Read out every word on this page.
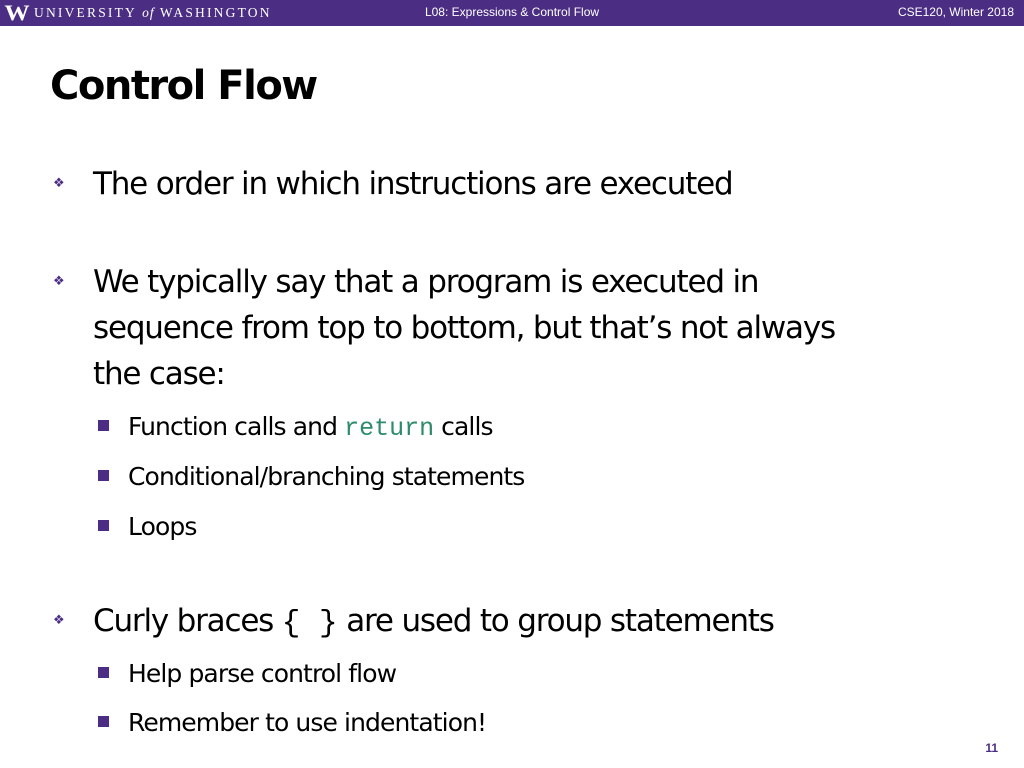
W UNIVERSITY of WASHINGTON	L08: Expressions & Control Flow	CSE120, Winter 2018
Control Flow
❖ The order in which instructions are executed
❖ We typically say that a program is executed in
sequence from top to bottom, but that’s not always
the case:
Function calls and return calls
Conditional/branching statements
Loops
❖ Curly braces { } are used to group statements
Help parse control flow
Remember to use indentation!
11
